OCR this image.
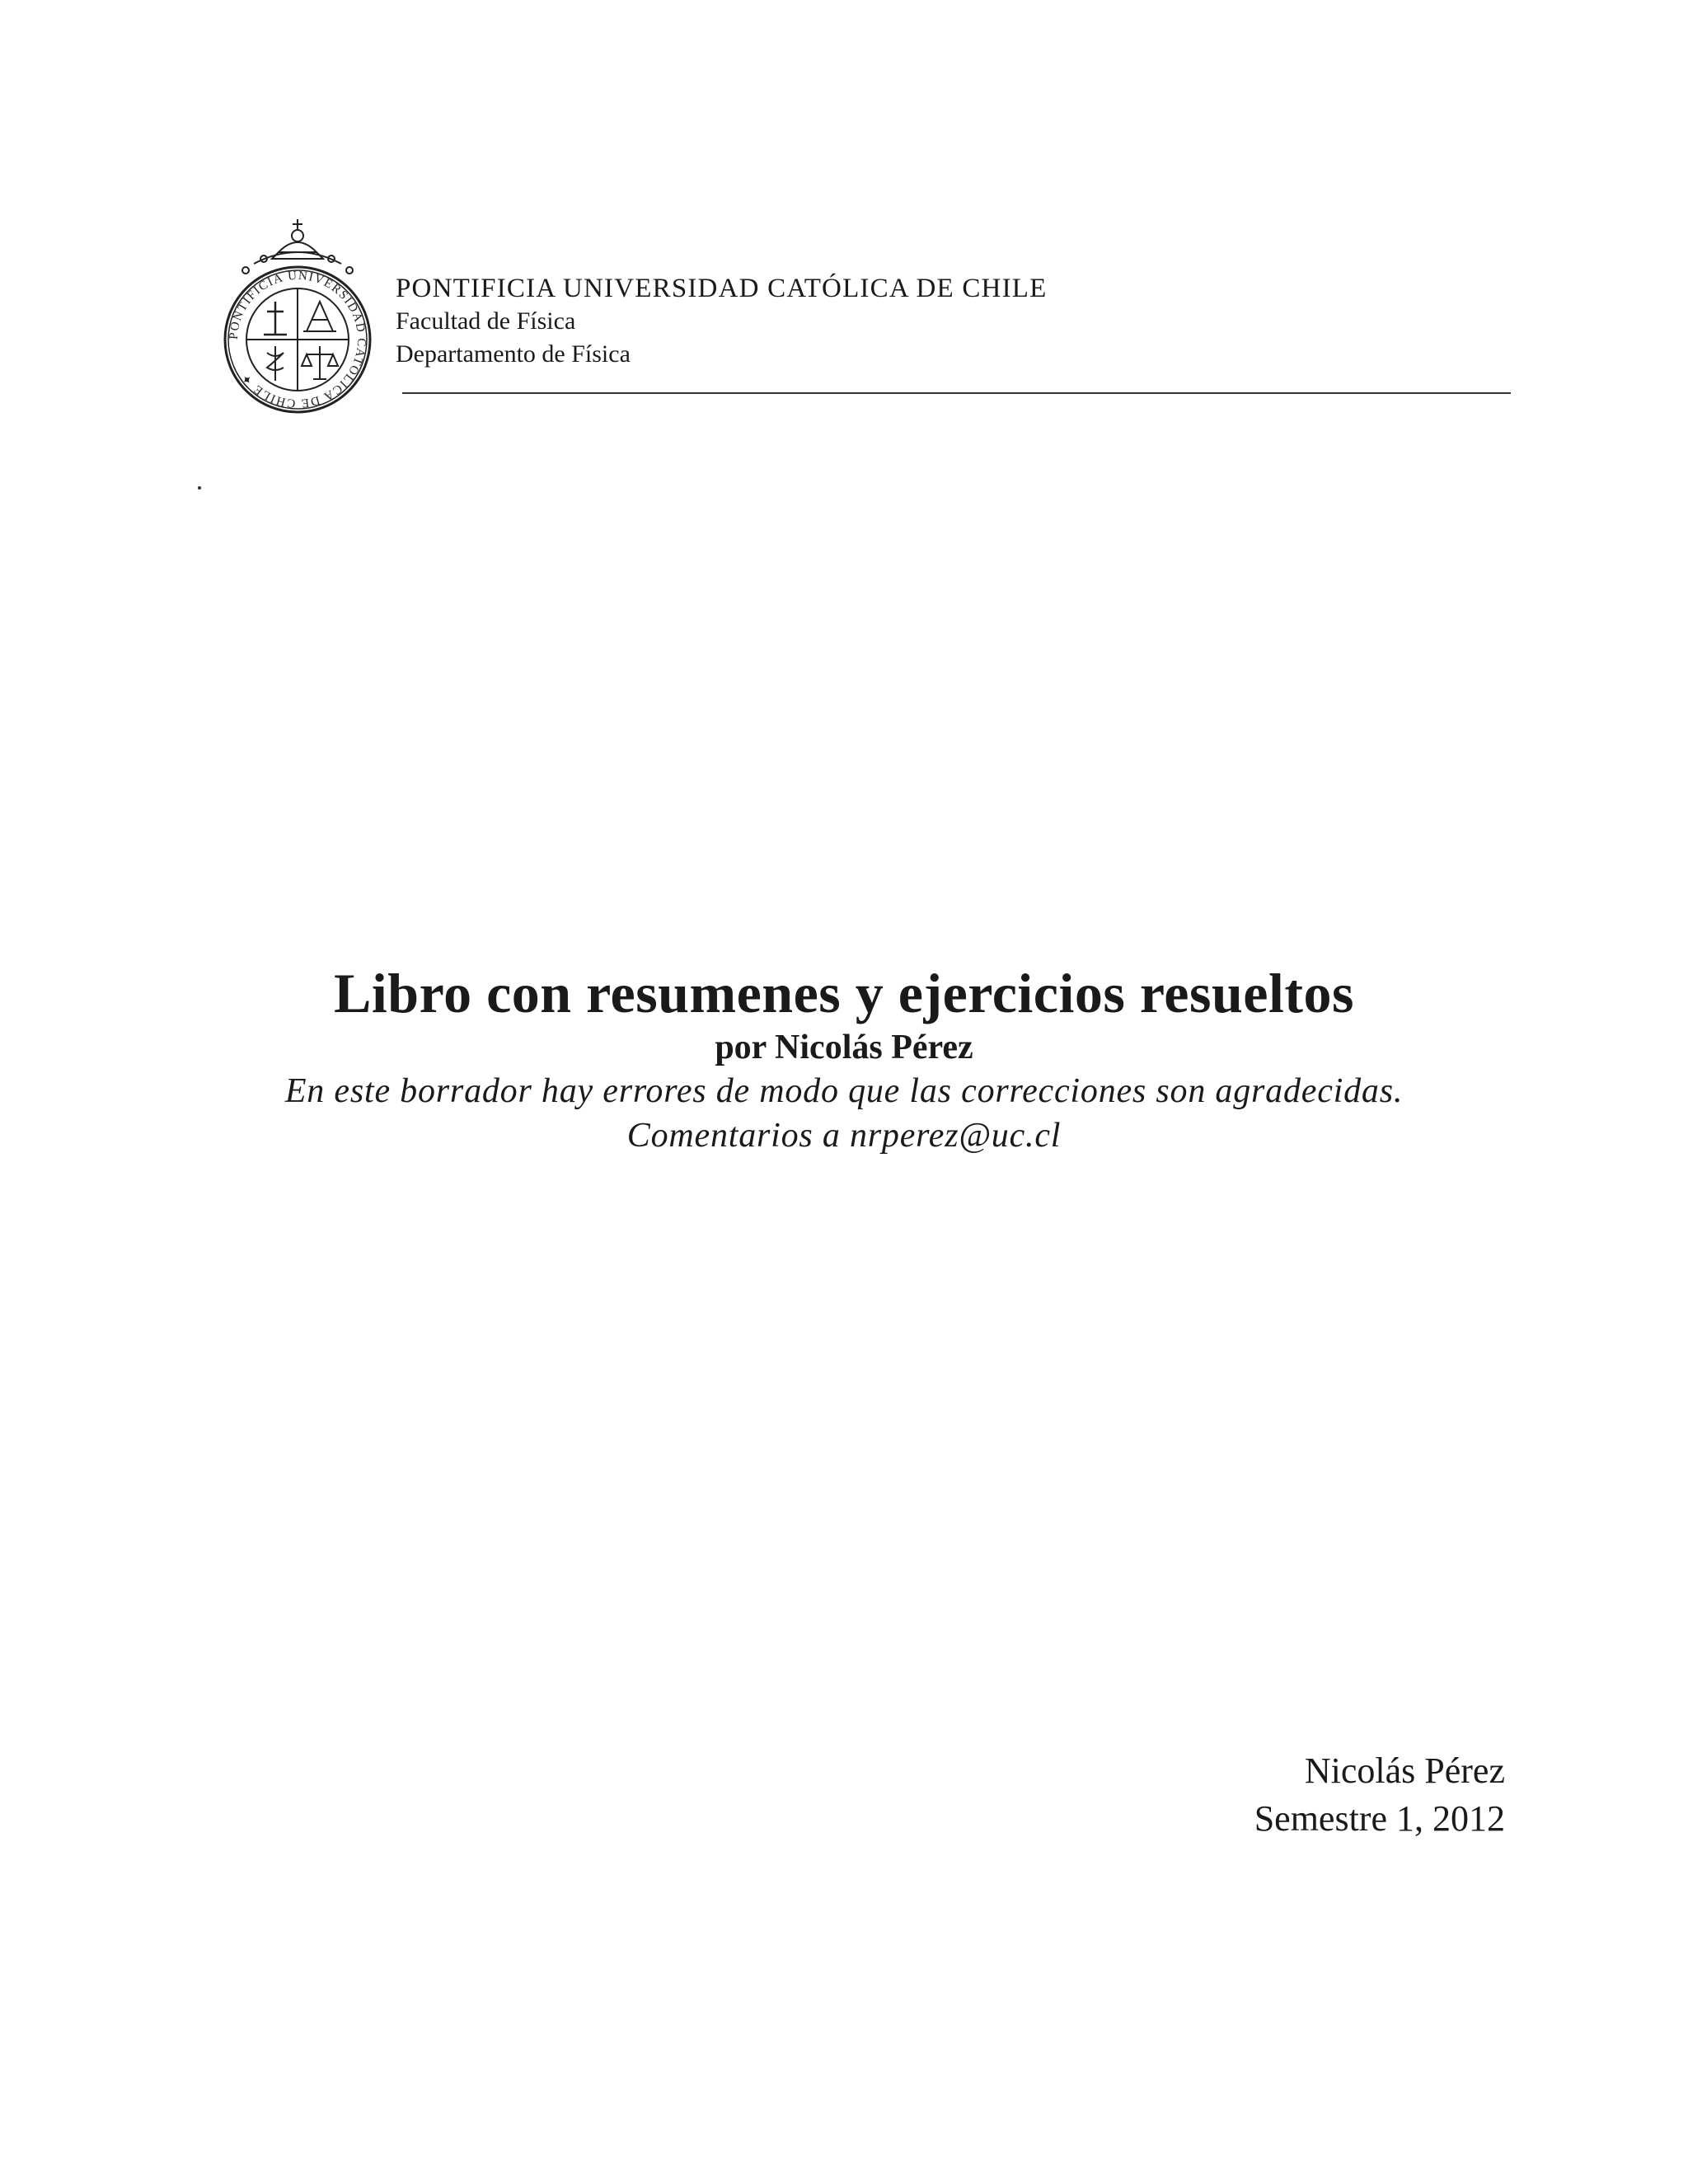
PONTIFICIA UNIVERSIDAD CATOLICA DE CHILE ✦
PONTIFICIA UNIVERSIDAD CATÓLICA DE CHILE
Facultad de Física
Departamento de Física
Libro con resumenes y ejercicios resueltos
por Nicolás Pérez
En este borrador hay errores de modo que las correcciones son agradecidas.
Comentarios a nrperez@uc.cl
Nicolás Pérez
Semestre 1, 2012
